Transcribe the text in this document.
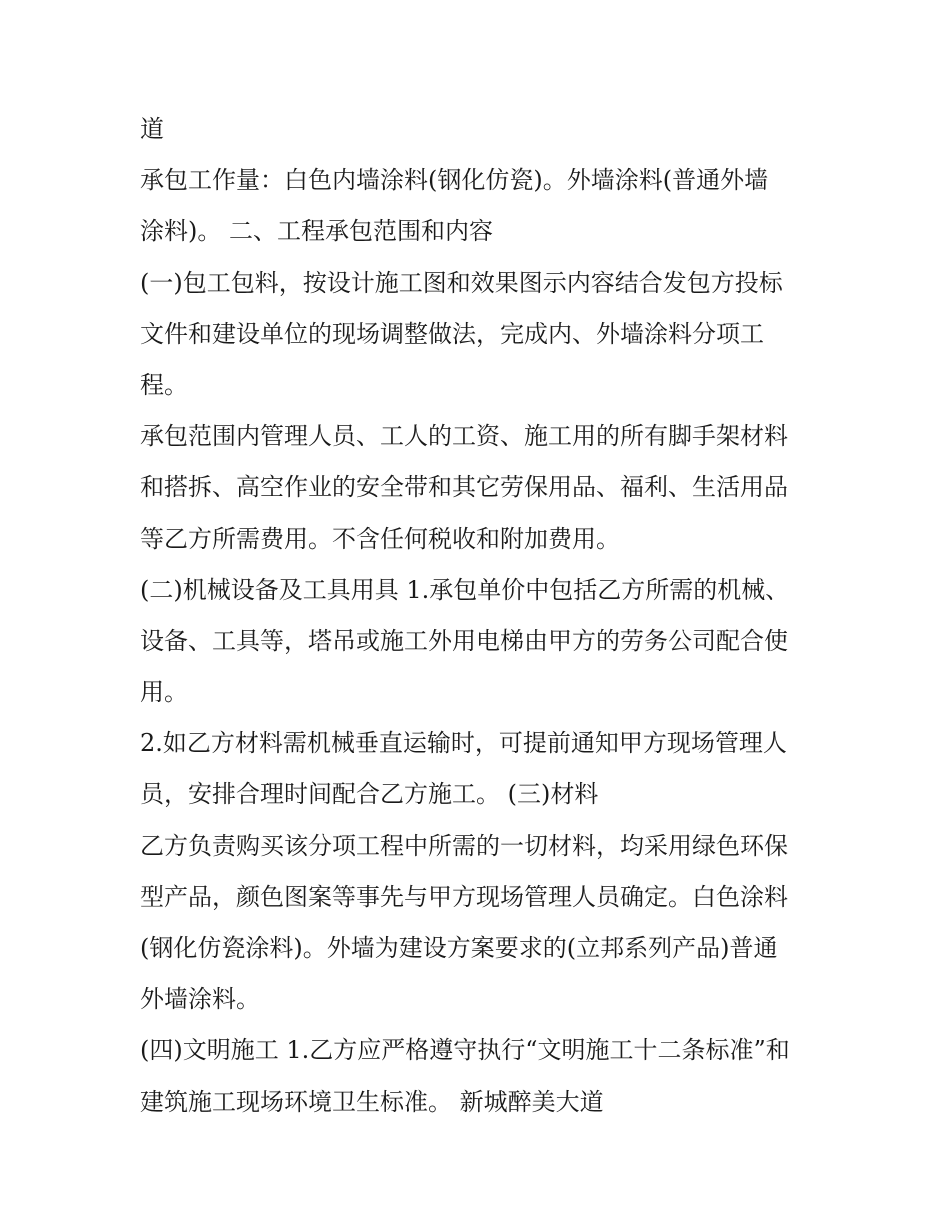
道
承包工作量：白色内墙涂料(钢化仿瓷)。外墙涂料(普通外墙
涂料)。 二、工程承包范围和内容
(一)包工包料，按设计施工图和效果图示内容结合发包方投标
文件和建设单位的现场调整做法，完成内、外墙涂料分项工
程。
承包范围内管理人员、工人的工资、施工用的所有脚手架材料
和搭拆、高空作业的安全带和其它劳保用品、福利、生活用品
等乙方所需费用。不含任何税收和附加费用。
(二)机械设备及工具用具 1.承包单价中包括乙方所需的机械、
设备、工具等，塔吊或施工外用电梯由甲方的劳务公司配合使
用。
2.如乙方材料需机械垂直运输时，可提前通知甲方现场管理人
员，安排合理时间配合乙方施工。 (三)材料
乙方负责购买该分项工程中所需的一切材料，均采用绿色环保
型产品，颜色图案等事先与甲方现场管理人员确定。白色涂料
(钢化仿瓷涂料)。外墙为建设方案要求的(立邦系列产品)普通
外墙涂料。
(四)文明施工 1.乙方应严格遵守执行“文明施工十二条标准”和
建筑施工现场环境卫生标准。 新城醉美大道
